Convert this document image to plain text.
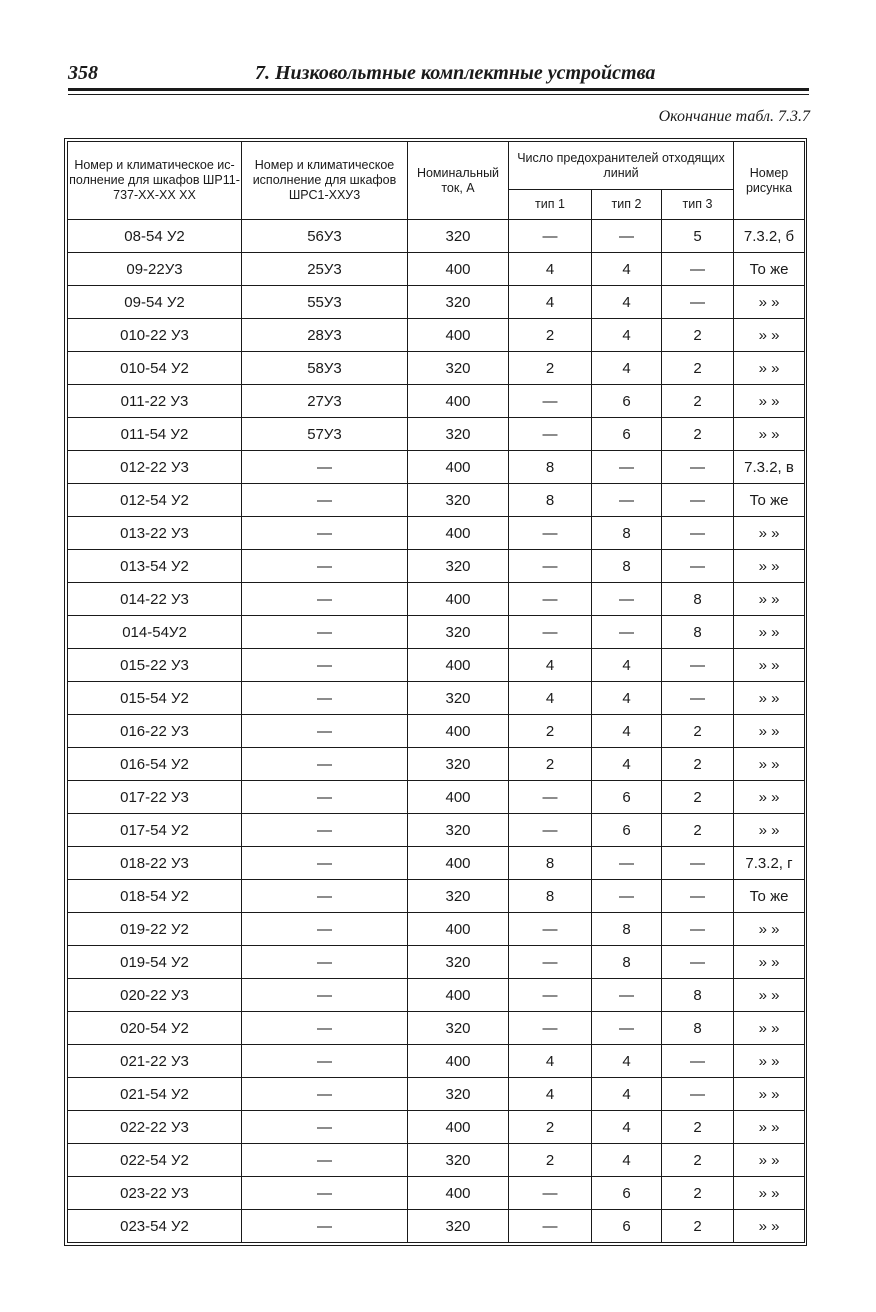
358	7. Низковольтные комплектные устройства
Окончание табл. 7.3.7
Номер и климатическое ис-полнение для шкафов ШР11-737-ХХ-ХХ ХХ	Номер и климатическое исполнение для шкафов ШРС1-ХХУ3	Номинальный ток, А	Число предохранителей отходящих линий			Номер рисунка
			тип 1	тип 2	тип 3	
08-54 У2	56У3	320	—	—	5	7.3.2, б
09-22У3	25У3	400	4	4	—	То же
09-54 У2	55У3	320	4	4	—	» »
010-22 У3	28У3	400	2	4	2	» »
010-54 У2	58У3	320	2	4	2	» »
011-22 У3	27У3	400	—	6	2	» »
011-54 У2	57У3	320	—	6	2	» »
012-22 У3	—	400	8	—	—	7.3.2, в
012-54 У2	—	320	8	—	—	То же
013-22 У3	—	400	—	8	—	» »
013-54 У2	—	320	—	8	—	» »
014-22 У3	—	400	—	—	8	» »
014-54У2	—	320	—	—	8	» »
015-22 У3	—	400	4	4	—	» »
015-54 У2	—	320	4	4	—	» »
016-22 У3	—	400	2	4	2	» »
016-54 У2	—	320	2	4	2	» »
017-22 У3	—	400	—	6	2	» »
017-54 У2	—	320	—	6	2	» »
018-22 У3	—	400	8	—	—	7.3.2, г
018-54 У2	—	320	8	—	—	То же
019-22 У2	—	400	—	8	—	» »
019-54 У2	—	320	—	8	—	» »
020-22 У3	—	400	—	—	8	» »
020-54 У2	—	320	—	—	8	» »
021-22 У3	—	400	4	4	—	» »
021-54 У2	—	320	4	4	—	» »
022-22 У3	—	400	2	4	2	» »
022-54 У2	—	320	2	4	2	» »
023-22 У3	—	400	—	6	2	» »
023-54 У2	—	320	—	6	2	» »
